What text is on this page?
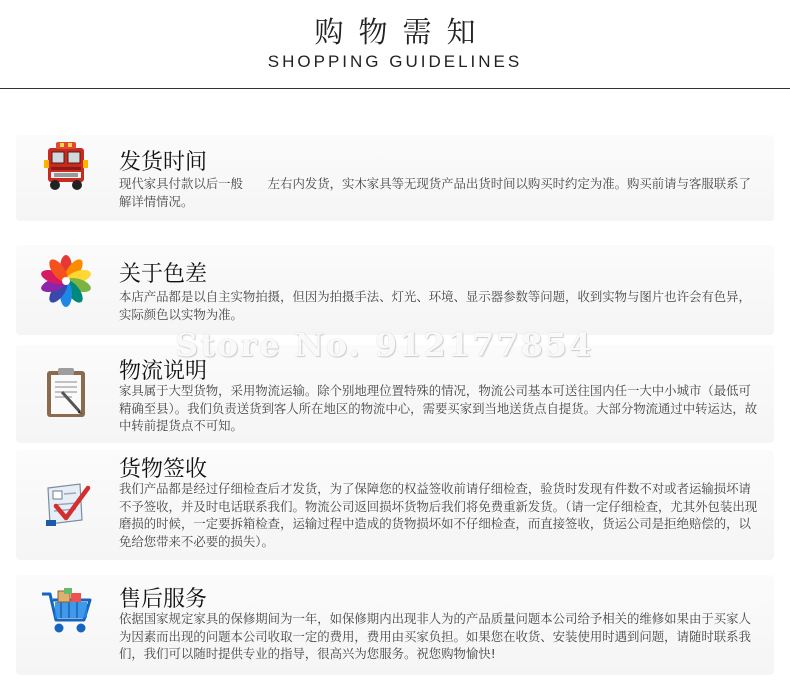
购物需知
SHOPPING GUIDELINES
发货时间
现代家具付款以后一般　　左右内发货，实木家具等无现货产品出货时间以购买时约定为准。购买前请与客服联系了解详情情况。
关于色差
本店产品都是以自主实物拍摄，但因为拍摄手法、灯光、环境、显示器参数等问题，收到实物与图片也许会有色异，实际颜色以实物为准。
物流说明
家具属于大型货物，采用物流运输。除个别地理位置特殊的情况，物流公司基本可送往国内任一大中小城市（最低可精确至县）。我们负责送货到客人所在地区的物流中心，需要买家到当地送货点自提货。大部分物流通过中转运达，故中转前提货点不可知。
货物签收
我们产品都是经过仔细检查后才发货，为了保障您的权益签收前请仔细检查，验货时发现有件数不对或者运输损坏请不予签收，并及时电话联系我们。物流公司返回损坏货物后我们将免费重新发货。（请一定仔细检查，尤其外包装出现磨损的时候，一定要拆箱检查，运输过程中造成的货物损坏如不仔细检查，而直接签收，货运公司是拒绝赔偿的，以免给您带来不必要的损失）。
售后服务
依据国家规定家具的保修期间为一年，如保修期内出现非人为的产品质量问题本公司给予相关的维修如果由于买家人为因素而出现的问题本公司收取一定的费用，费用由买家负担。如果您在收货、安装使用时遇到问题，请随时联系我们，我们可以随时提供专业的指导，很高兴为您服务。祝您购物愉快!
Store No. 912177854
